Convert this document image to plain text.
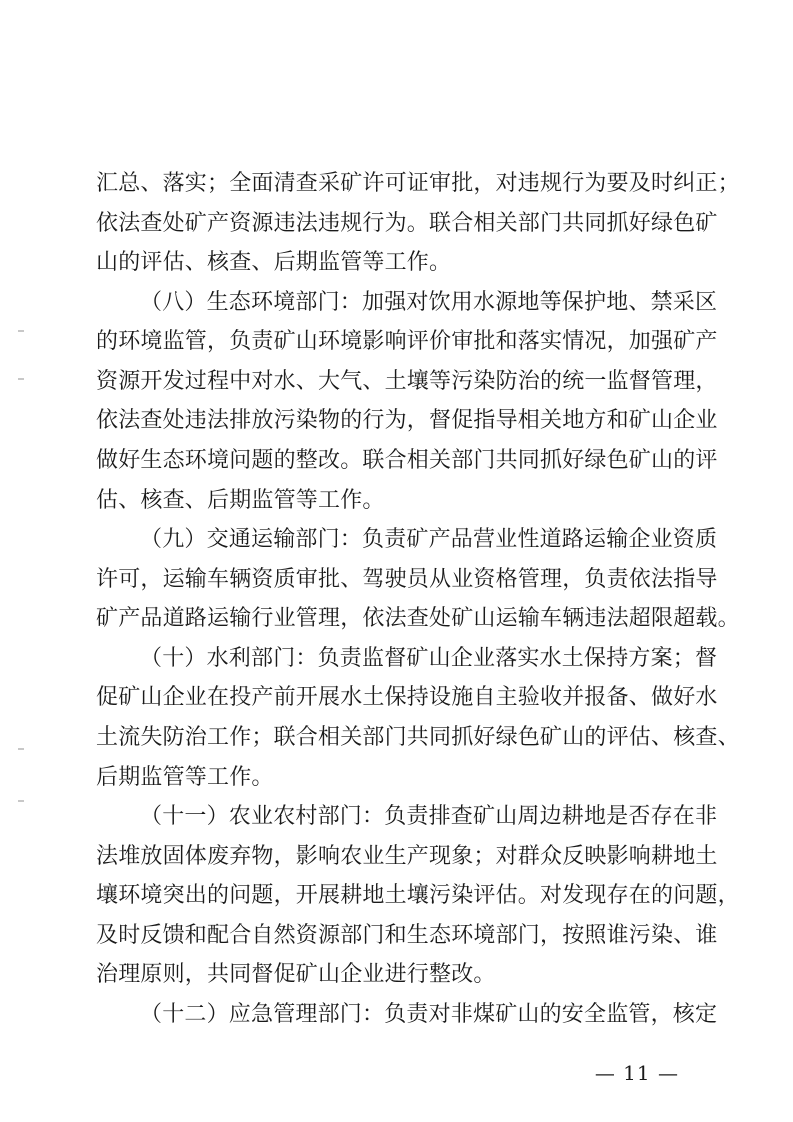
汇总、落实；全面清查采矿许可证审批，对违规行为要及时纠正；
依法查处矿产资源违法违规行为。联合相关部门共同抓好绿色矿
山的评估、核查、后期监管等工作。
（八）生态环境部门：加强对饮用水源地等保护地、禁采区
的环境监管，负责矿山环境影响评价审批和落实情况，加强矿产
资源开发过程中对水、大气、土壤等污染防治的统一监督管理，
依法查处违法排放污染物的行为，督促指导相关地方和矿山企业
做好生态环境问题的整改。联合相关部门共同抓好绿色矿山的评
估、核查、后期监管等工作。
（九）交通运输部门：负责矿产品营业性道路运输企业资质
许可，运输车辆资质审批、驾驶员从业资格管理，负责依法指导
矿产品道路运输行业管理，依法查处矿山运输车辆违法超限超载。
（十）水利部门：负责监督矿山企业落实水土保持方案；督
促矿山企业在投产前开展水土保持设施自主验收并报备、做好水
土流失防治工作；联合相关部门共同抓好绿色矿山的评估、核查、
后期监管等工作。
（十一）农业农村部门：负责排查矿山周边耕地是否存在非
法堆放固体废弃物，影响农业生产现象；对群众反映影响耕地土
壤环境突出的问题，开展耕地土壤污染评估。对发现存在的问题，
及时反馈和配合自然资源部门和生态环境部门，按照谁污染、谁
治理原则，共同督促矿山企业进行整改。
（十二）应急管理部门：负责对非煤矿山的安全监管，核定
— 11 —
